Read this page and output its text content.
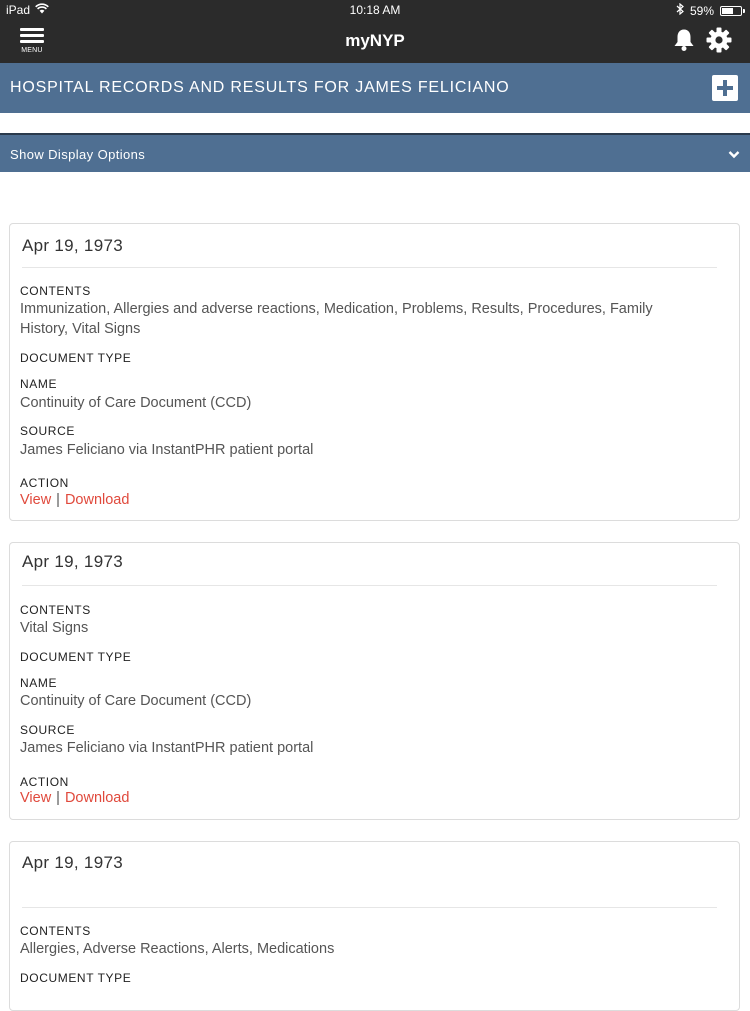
iPad	10:18 AM	59%
MENU
myNYP
HOSPITAL RECORDS AND RESULTS FOR JAMES FELICIANO
Show Display Options
Apr 19, 1973
CONTENTS
Immunization, Allergies and adverse reactions, Medication, Problems, Results, Procedures, Family History, Vital Signs
DOCUMENT TYPE
NAME
Continuity of Care Document (CCD)
SOURCE
James Feliciano via InstantPHR patient portal
ACTION
View | Download
Apr 19, 1973
CONTENTS
Vital Signs
DOCUMENT TYPE
NAME
Continuity of Care Document (CCD)
SOURCE
James Feliciano via InstantPHR patient portal
ACTION
View | Download
Apr 19, 1973
CONTENTS
Allergies, Adverse Reactions, Alerts, Medications
DOCUMENT TYPE
